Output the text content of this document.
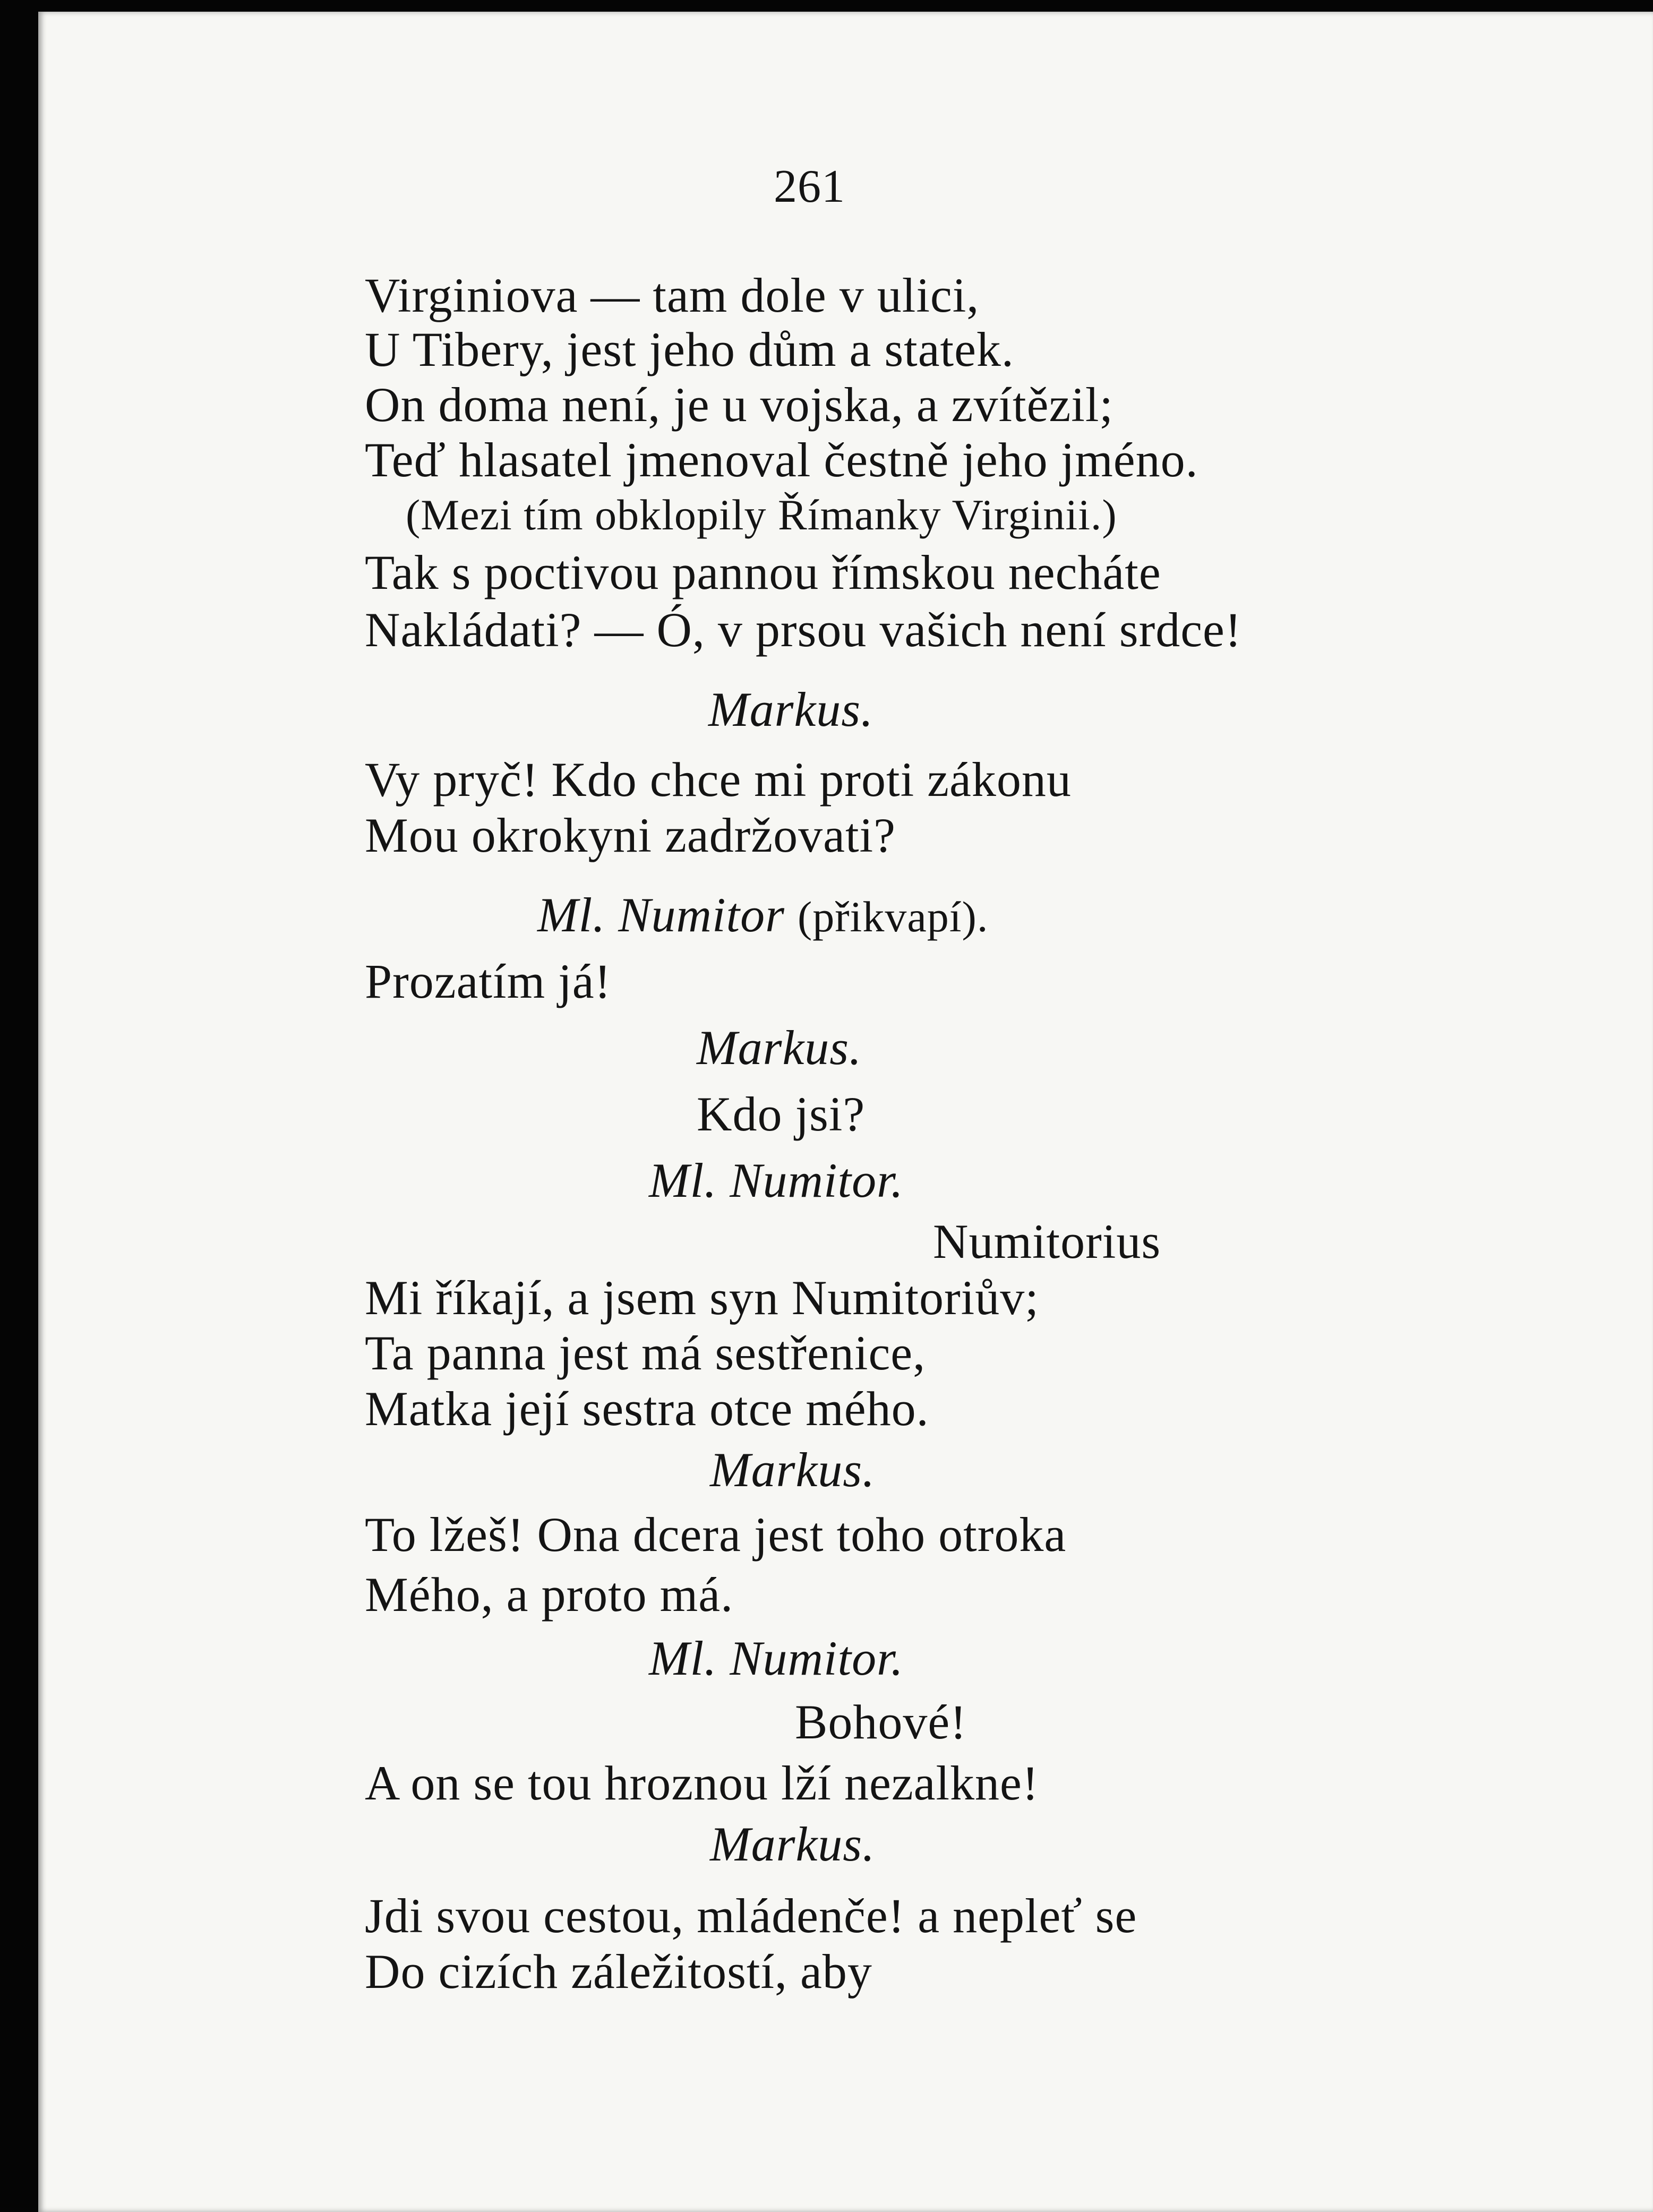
261
Virginiova — tam dole v ulici,
U Tibery, jest jeho dům a statek.
On doma není, je u vojska, a zvítězil;
Teď hlasatel jmenoval čestně jeho jméno.
(Mezi tím obklopily Římanky Virginii.)
Tak s poctivou pannou římskou necháte
Nakládati? — Ó, v prsou vašich není srdce!
Markus.
Vy pryč! Kdo chce mi proti zákonu
Mou okrokyni zadržovati?
Ml. Numitor (přikvapí).
Prozatím já!
Markus.
Kdo jsi?
Ml. Numitor.
Numitorius
Mi říkají, a jsem syn Numitoriův;
Ta panna jest má sestřenice,
Matka její sestra otce mého.
Markus.
To lžeš! Ona dcera jest toho otroka
Mého, a proto má.
Ml. Numitor.
Bohové!
A on se tou hroznou lží nezalkne!
Markus.
Jdi svou cestou, mládenče! a nepleť se
Do cizích záležitostí, aby
